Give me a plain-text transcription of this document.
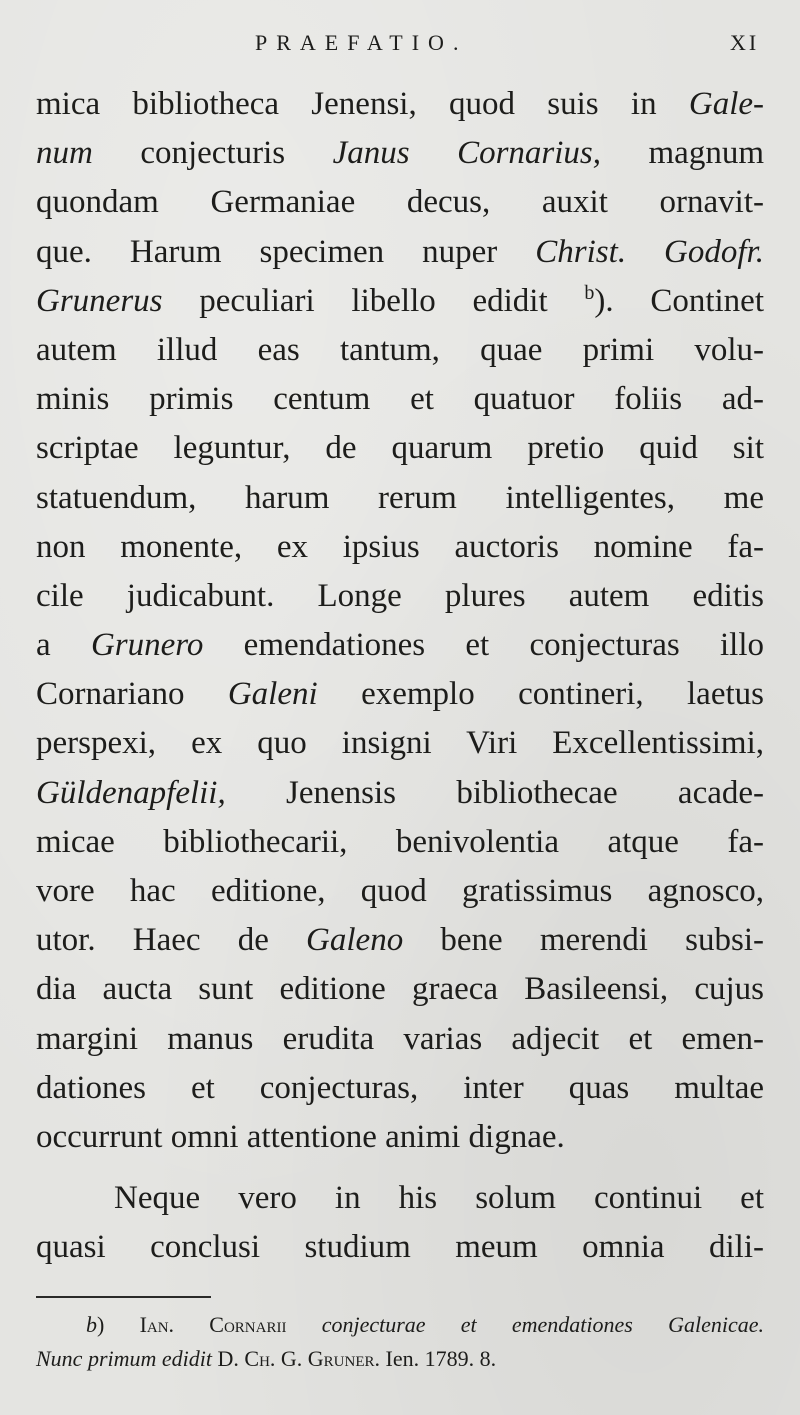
PRAEFATIO.	XI
mica bibliotheca Jenensi, quod suis in Gale-
num conjecturis Janus Cornarius, magnum
quondam Germaniae decus, auxit ornavit-
que. Harum specimen nuper Christ. Godofr.
Grunerus peculiari libello edidit $^b$). Continet
autem illud eas tantum, quae primi volu-
minis primis centum et quatuor foliis ad-
scriptae leguntur, de quarum pretio quid sit
statuendum, harum rerum intelligentes, me
non monente, ex ipsius auctoris nomine fa-
cile judicabunt. Longe plures autem editis
a Grunero emendationes et conjecturas illo
Cornariano Galeni exemplo contineri, laetus
perspexi, ex quo insigni Viri Excellentissimi,
Güldenapfelii, Jenensis bibliothecae acade-
micae bibliothecarii, benivolentia atque fa-
vore hac editione, quod gratissimus agnosco,
utor. Haec de Galeno bene merendi subsi-
dia aucta sunt editione graeca Basileensi, cujus
margini manus erudita varias adjecit et emen-
dationes et conjecturas, inter quas multae
occurrunt omni attentione animi dignae.
Neque vero in his solum continui et
quasi conclusi studium meum omnia dili-
b) Ian. Cornarii conjecturae et emendationes Galenicae.
Nunc primum edidit D. Ch. G. Gruner. Ien. 1789. 8.
